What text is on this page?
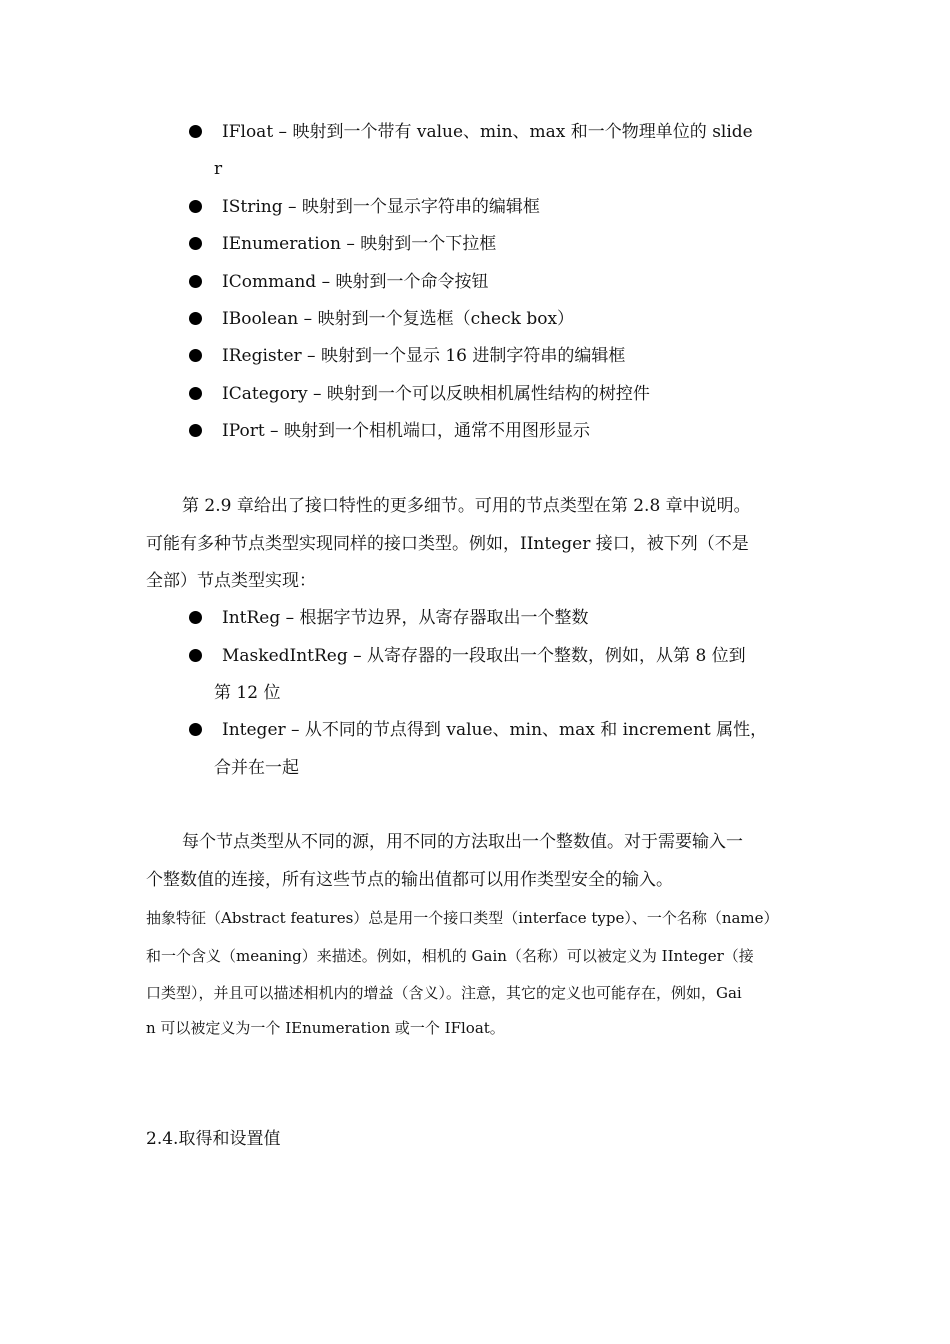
IFloat – 映射到一个带有 value、min、max 和一个物理单位的 slide
r
IString – 映射到一个显示字符串的编辑框
IEnumeration – 映射到一个下拉框
ICommand – 映射到一个命令按钮
IBoolean – 映射到一个复选框（check box）
IRegister – 映射到一个显示 16 进制字符串的编辑框
ICategory – 映射到一个可以反映相机属性结构的树控件
IPort – 映射到一个相机端口，通常不用图形显示
第 2.9 章给出了接口特性的更多细节。可用的节点类型在第 2.8 章中说明。
可能有多种节点类型实现同样的接口类型。例如，IInteger 接口，被下列（不是
全部）节点类型实现：
IntReg – 根据字节边界，从寄存器取出一个整数
MaskedIntReg – 从寄存器的一段取出一个整数，例如，从第 8 位到
第 12 位
Integer – 从不同的节点得到 value、min、max 和 increment 属性，
合并在一起
每个节点类型从不同的源，用不同的方法取出一个整数值。对于需要输入一
个整数值的连接，所有这些节点的输出值都可以用作类型安全的输入。
抽象特征（Abstract features）总是用一个接口类型（interface type）、一个名称（name）
和一个含义（meaning）来描述。例如，相机的 Gain（名称）可以被定义为 IInteger（接
口类型），并且可以描述相机内的增益（含义）。注意，其它的定义也可能存在，例如，Gai
n 可以被定义为一个 IEnumeration 或一个 IFloat。
2.4.取得和设置值
